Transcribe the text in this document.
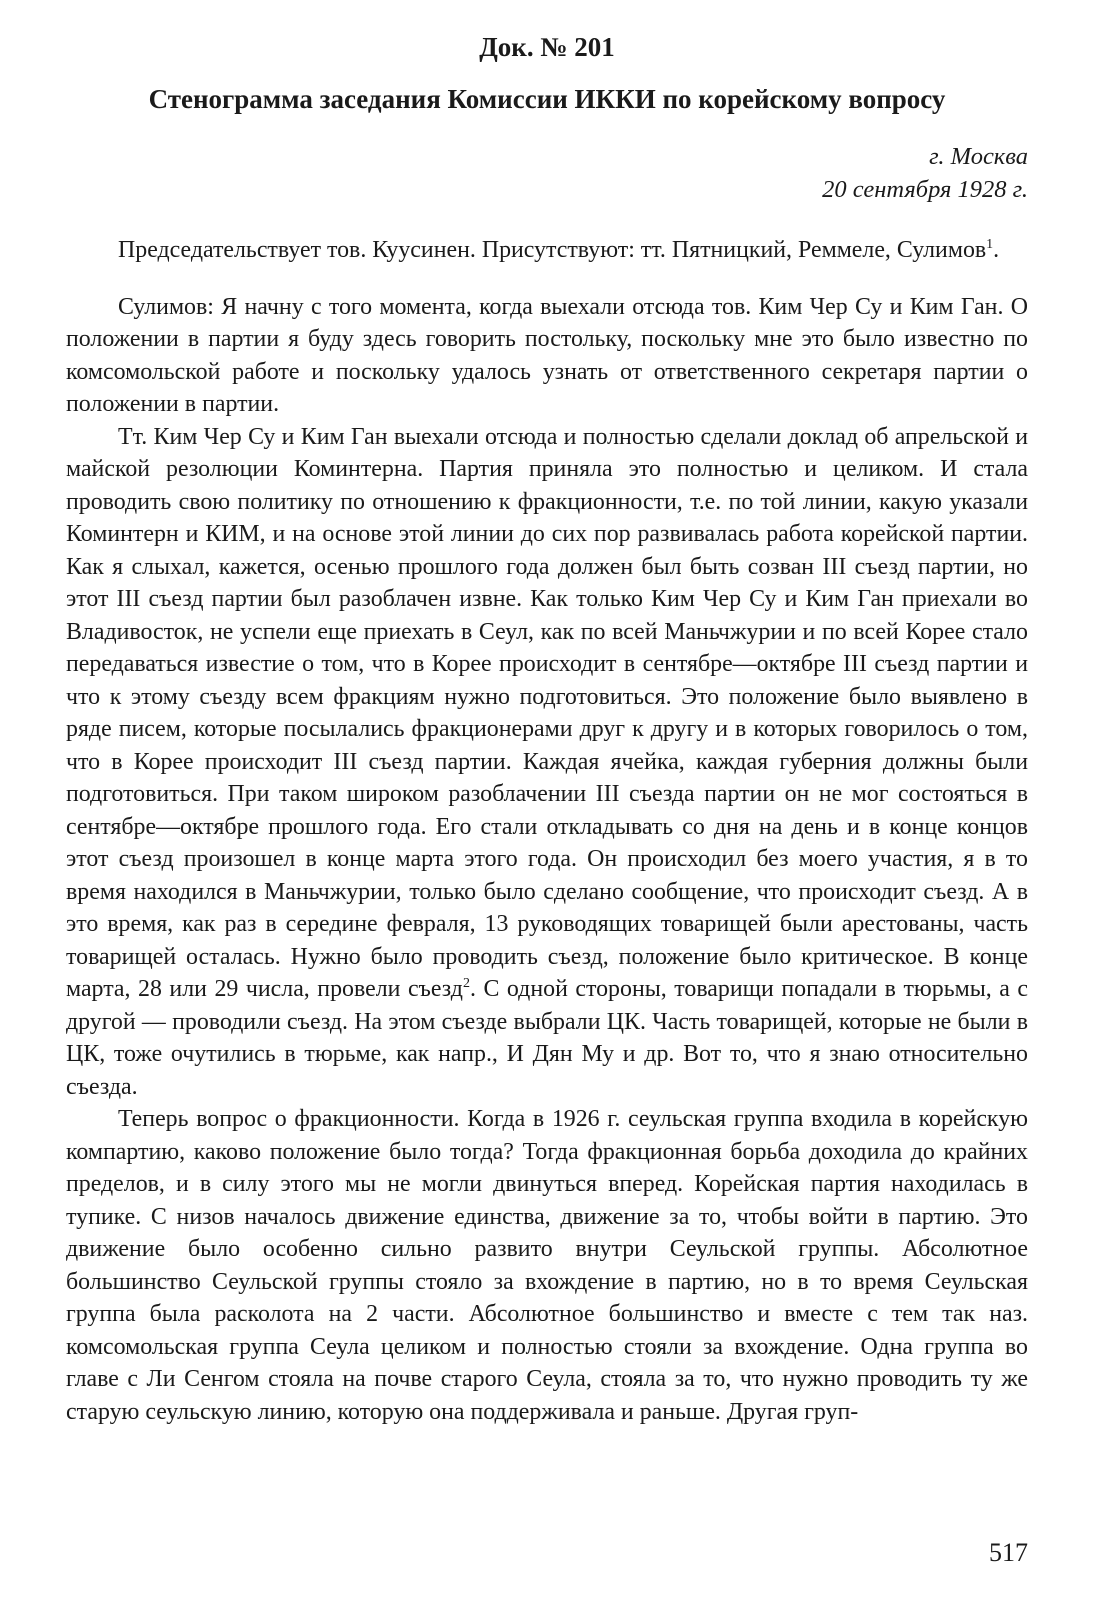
Док. № 201
Стенограмма заседания Комиссии ИККИ по корейскому вопросу
г. Москва
20 сентября 1928 г.

Председательствует тов. Куусинен. Присутствуют: тт. Пятницкий, Реммеле, Сулимов$^1$.

Сулимов: Я начну с того момента, когда выехали отсюда тов. Ким Чер Су и Ким Ган. О положении в партии я буду здесь говорить постольку, поскольку мне это было известно по комсомольской работе и поскольку удалось узнать от ответственного секретаря партии о положении в партии.

Тт. Ким Чер Су и Ким Ган выехали отсюда и полностью сделали доклад об апрельской и майской резолюции Коминтерна. Партия приняла это полностью и целиком. И стала проводить свою политику по отношению к фракционности, т.е. по той линии, какую указали Коминтерн и КИМ, и на основе этой линии до сих пор развивалась работа корейской партии. Как я слыхал, кажется, осенью прошлого года должен был быть созван III съезд партии, но этот III съезд партии был разоблачен извне. Как только Ким Чер Су и Ким Ган приехали во Владивосток, не успели еще приехать в Сеул, как по всей Маньчжурии и по всей Корее стало передаваться известие о том, что в Корее происходит в сентябре—октябре III съезд партии и что к этому съезду всем фракциям нужно подготовиться. Это положение было выявлено в ряде писем, которые посылались фракционерами друг к другу и в которых говорилось о том, что в Корее происходит III съезд партии. Каждая ячейка, каждая губерния должны были подготовиться. При таком широком разоблачении III съезда партии он не мог состояться в сентябре—октябре прошлого года. Его стали откладывать со дня на день и в конце концов этот съезд произошел в конце марта этого года. Он происходил без моего участия, я в то время находился в Маньчжурии, только было сделано сообщение, что происходит съезд. А в это время, как раз в середине февраля, 13 руководящих товарищей были арестованы, часть товарищей осталась. Нужно было проводить съезд, положение было критическое. В конце марта, 28 или 29 числа, провели съезд$^2$. С одной стороны, товарищи попадали в тюрьмы, а с другой — проводили съезд. На этом съезде выбрали ЦК. Часть товарищей, которые не были в ЦК, тоже очутились в тюрьме, как напр., И Дян Му и др. Вот то, что я знаю относительно съезда.

Теперь вопрос о фракционности. Когда в 1926 г. сеульская группа входила в корейскую компартию, каково положение было тогда? Тогда фракционная борьба доходила до крайних пределов, и в силу этого мы не могли двинуться вперед. Корейская партия находилась в тупике. С низов началось движение единства, движение за то, чтобы войти в партию. Это движение было особенно сильно развито внутри Сеульской группы. Абсолютное большинство Сеульской группы стояло за вхождение в партию, но в то время Сеульская группа была расколота на 2 части. Абсолютное большинство и вместе с тем так наз. комсомольская группа Сеула целиком и полностью стояли за вхождение. Одна группа во главе с Ли Сенгом стояла на почве старого Сеула, стояла за то, что нужно проводить ту же старую сеульскую линию, которую она поддерживала и раньше. Другая груп-

517
